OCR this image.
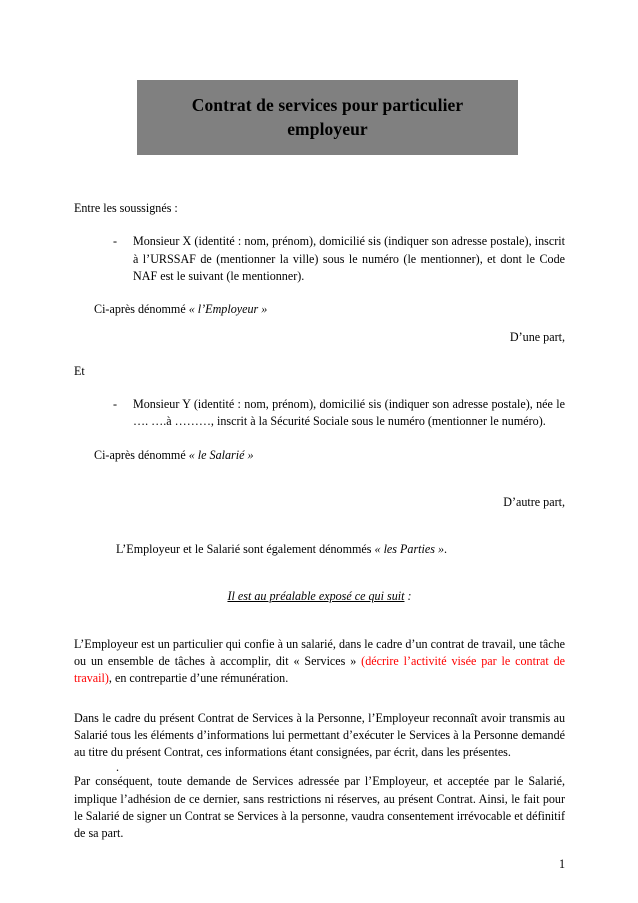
Contrat de services pour particulier
employeur

Entre les soussignés :

- Monsieur X (identité : nom, prénom), domicilié sis (indiquer son adresse postale), inscrit à l’URSSAF de (mentionner la ville) sous le numéro (le mentionner), et dont le Code NAF est le suivant (le mentionner).

Ci-après dénommé « l’Employeur »

D’une part,

Et

- Monsieur Y (identité : nom, prénom), domicilié sis (indiquer son adresse postale), née le …. ….à ………, inscrit à la Sécurité Sociale sous le numéro (mentionner le numéro).

Ci-après dénommé « le Salarié »

D’autre part,

L’Employeur et le Salarié sont également dénommés « les Parties ».

Il est au préalable exposé ce qui suit :

L’Employeur est un particulier qui confie à un salarié, dans le cadre d’un contrat de travail, une tâche ou un ensemble de tâches à accomplir, dit « Services » (décrire l’activité visée par le contrat de travail), en contrepartie d’une rémunération.

Dans le cadre du présent Contrat de Services à la Personne, l’Employeur reconnaît avoir transmis au Salarié tous les éléments d’informations lui permettant d’exécuter le Services à la Personne demandé au titre du présent Contrat, ces informations étant consignées, par écrit, dans les présentes.

.

Par conséquent, toute demande de Services adressée par l’Employeur, et acceptée par le Salarié, implique l’adhésion de ce dernier, sans restrictions ni réserves, au présent Contrat. Ainsi, le fait pour le Salarié de signer un Contrat se Services à la personne, vaudra consentement irrévocable et définitif de sa part.

1
